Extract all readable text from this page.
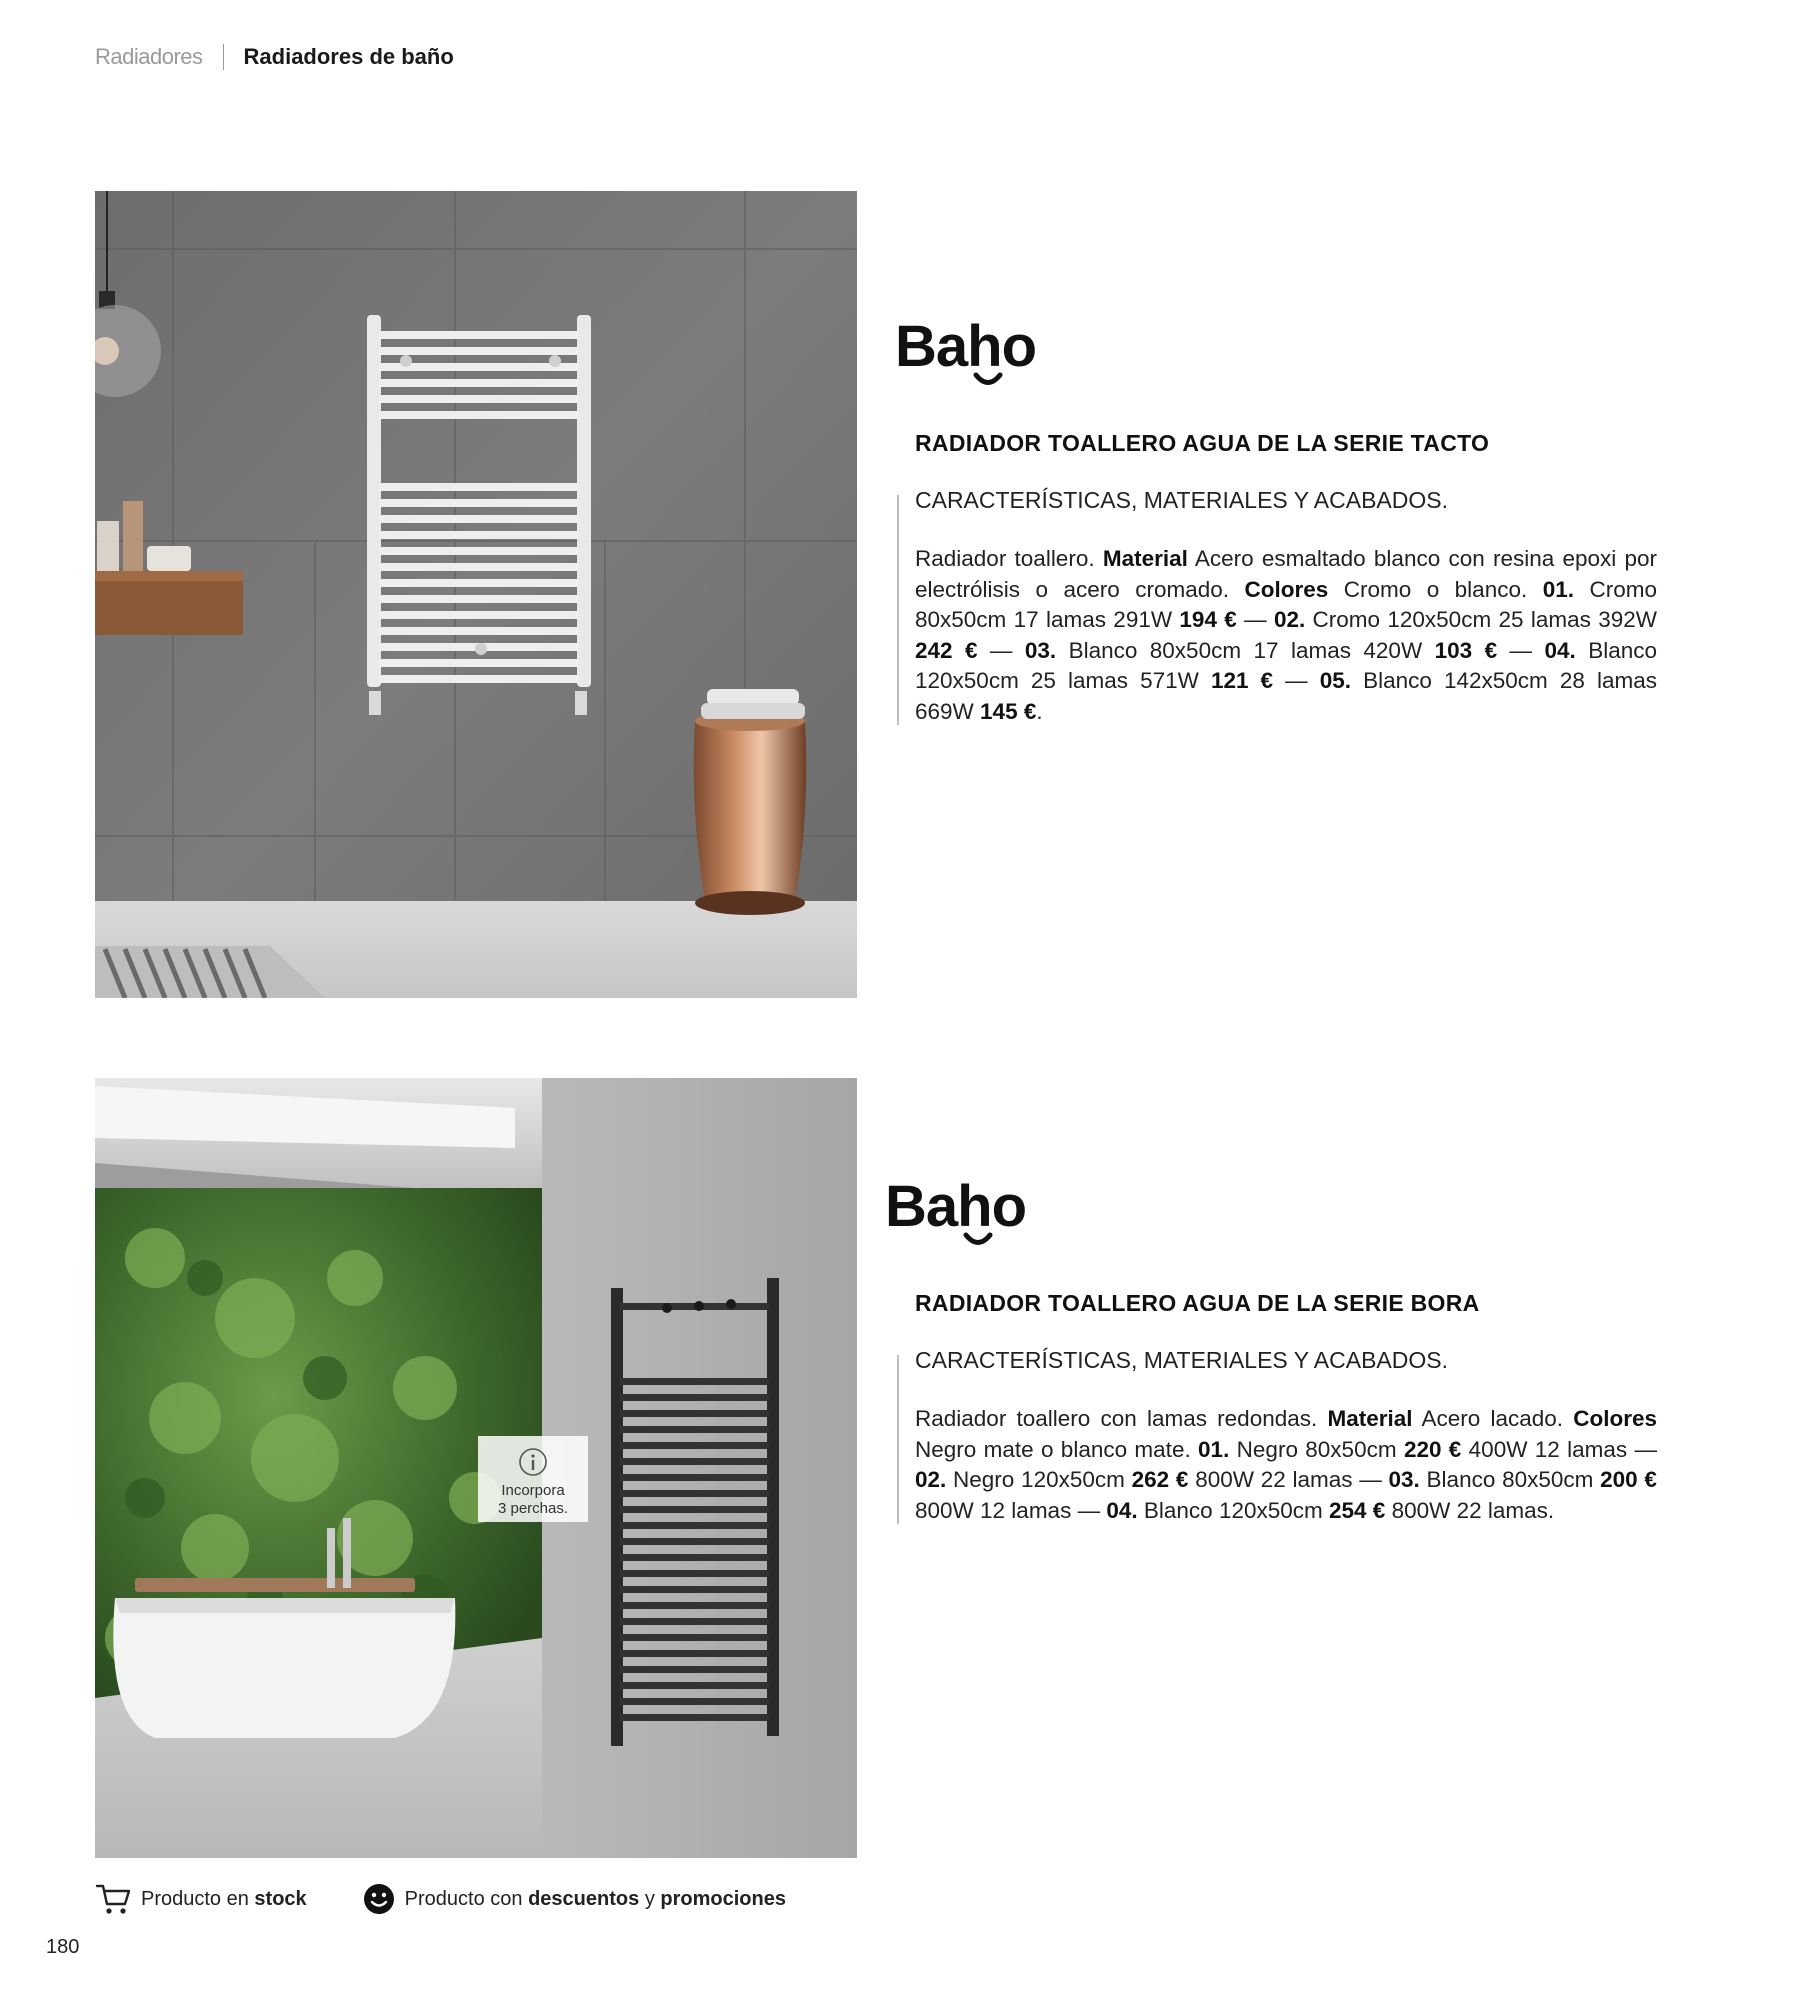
Radiadores Radiadores de baño
Baho
RADIADOR TOALLERO AGUA DE LA SERIE TACTO
CARACTERÍSTICAS, MATERIALES Y ACABADOS.
Radiador toallero. Material Acero esmaltado blanco con resina epoxi por electrólisis o acero cromado. Colores Cromo o blanco. 01. Cromo 80x50cm 17 lamas 291W 194 € — 02. Cromo 120x50cm 25 lamas 392W 242 € — 03. Blanco 80x50cm 17 lamas 420W 103 € — 04. Blanco 120x50cm 25 lamas 571W 121 € — 05. Blanco 142x50cm 28 lamas 669W 145 €.
Incorpora
3 perchas.
Baho
RADIADOR TOALLERO AGUA DE LA SERIE BORA
CARACTERÍSTICAS, MATERIALES Y ACABADOS.
Radiador toallero con lamas redondas. Material Acero lacado. Colores Negro mate o blanco mate. 01. Negro 80x50cm 220 € 400W 12 lamas — 02. Negro 120x50cm 262 € 800W 22 lamas — 03. Blanco 80x50cm 200 € 800W 12 lamas — 04. Blanco 120x50cm 254 € 800W 22 lamas.
Producto en
stock	Producto con
descuentos
y
promociones
180
